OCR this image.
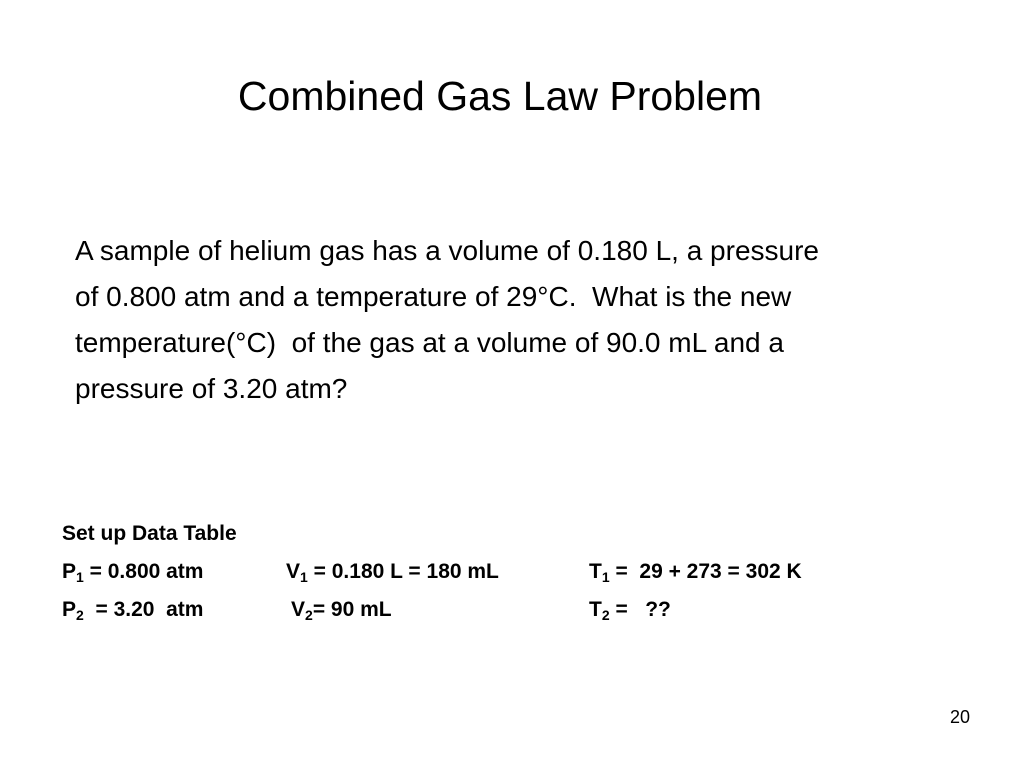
Combined Gas Law Problem
A sample of helium gas has a volume of 0.180 L, a pressure
of 0.800 atm and a temperature of 29°C.  What is the new
temperature(°C)  of the gas at a volume of 90.0 mL and a
pressure of 3.20 atm?
Set up Data Table
$P_1 = 0.800$ atm	$V_1 = 0.180$ L = 180 mL	$T_1 = 29 + 273 = 302$ K
$P_2 = 3.20$  atm	$V_2= 90$ mL	$T_2$ =   ??
20
